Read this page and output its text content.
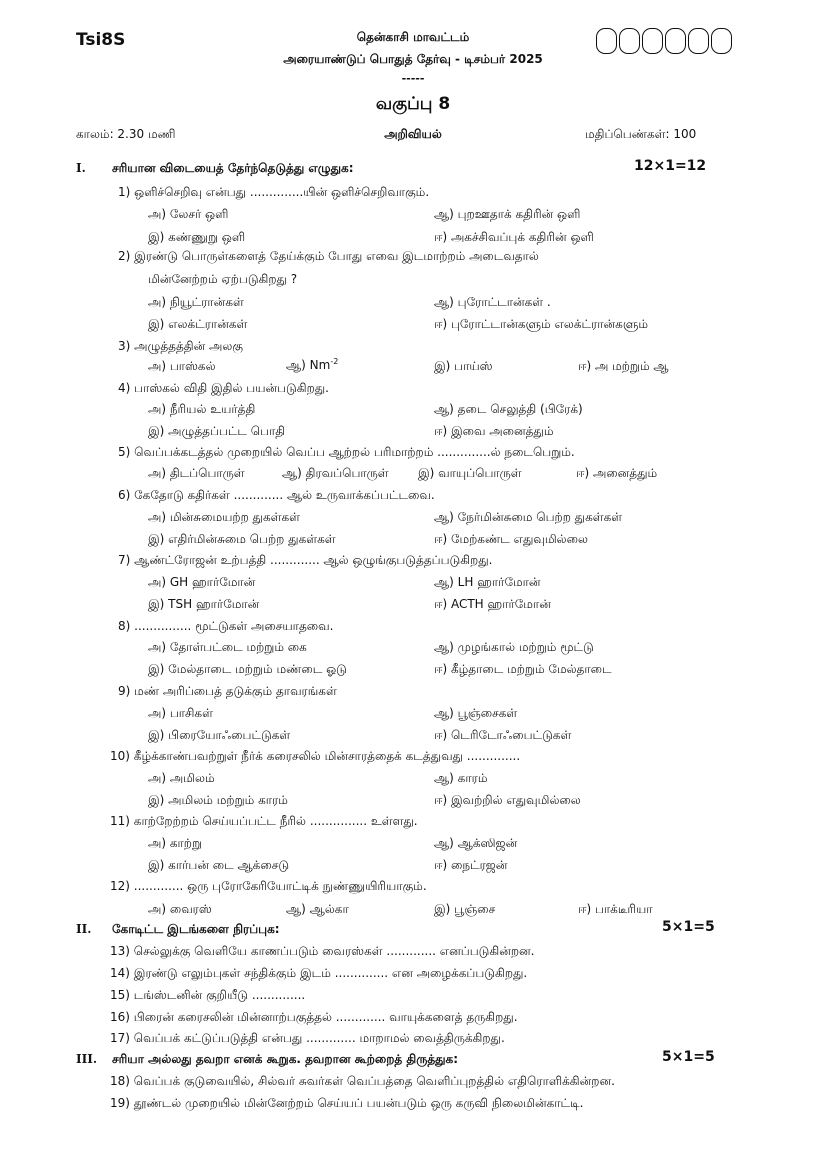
Tsi8S	தென்காசி மாவட்டம்
அரையாண்டுப் பொதுத் தேர்வு - டிசம்பர் 2025
-----
வகுப்பு 8
காலம்: 2.30 மணி	அறிவியல்	மதிப்பெண்கள்: 100
I. சரியான விடையைத் தேர்ந்தெடுத்து எழுதுக:	12×1=12
1) ஒளிச்செறிவு என்பது ..............யின் ஒளிச்செறிவாகும்.
அ) லேசர் ஒளி	ஆ) புறஊதாக் கதிரின் ஒளி
இ) கண்ணுறு ஒளி	ஈ) அகச்சிவப்புக் கதிரின் ஒளி
2) இரண்டு பொருள்களைத் தேய்க்கும் போது எவை இடமாற்றம் அடைவதால்
மின்னேற்றம் ஏற்படுகிறது ?
அ) நியூட்ரான்கள்	ஆ) புரோட்டான்கள் .
இ) எலக்ட்ரான்கள்	ஈ) புரோட்டான்களும் எலக்ட்ரான்களும்
3) அழுத்தத்தின் அலகு
அ) பாஸ்கல்	ஆ) $Nm^{-2}$	இ) பாய்ஸ்	ஈ) அ மற்றும் ஆ
4) பாஸ்கல் விதி இதில் பயன்படுகிறது.
அ) நீரியல் உயர்த்தி	ஆ) தடை செலுத்தி (பிரேக்)
இ) அழுத்தப்பட்ட பொதி	ஈ) இவை அனைத்தும்
5) வெப்பக்கடத்தல் முறையில் வெப்ப ஆற்றல் பரிமாற்றம் ..............ல் நடைபெறும்.
அ) திடப்பொருள்	ஆ) திரவப்பொருள் இ) வாயுப்பொருள்	ஈ) அனைத்தும்
6) கேதோடு கதிர்கள் ............. ஆல் உருவாக்கப்பட்டவை.
அ) மின்சுமையற்ற துகள்கள்	ஆ) நேர்மின்சுமை பெற்ற துகள்கள்
இ) எதிர்மின்சுமை பெற்ற துகள்கள்	ஈ) மேற்கண்ட எதுவுமில்லை
7) ஆண்ட்ரோஜன் உற்பத்தி ............. ஆல் ஒழுங்குபடுத்தப்படுகிறது.
அ) GH ஹார்மோன்	ஆ) LH ஹார்மோன்
இ) TSH ஹார்மோன்	ஈ) ACTH ஹார்மோன்
8) ............... மூட்டுகள் அசையாதவை.
அ) தோள்பட்டை மற்றும் கை	ஆ) முழங்கால் மற்றும் மூட்டு
இ) மேல்தாடை மற்றும் மண்டை ஓடு	ஈ) கீழ்தாடை மற்றும் மேல்தாடை
9) மண் அரிப்பைத் தடுக்கும் தாவரங்கள்
அ) பாசிகள்	ஆ) பூஞ்சைகள்
இ) பிரையோஃபைட்டுகள்	ஈ) டெரிடோஃபைட்டுகள்
10) கீழ்க்காண்பவற்றுள் நீர்க் கரைசலில் மின்சாரத்தைக் கடத்துவது ..............
அ) அமிலம்	ஆ) காரம்
இ) அமிலம் மற்றும் காரம்	ஈ) இவற்றில் எதுவுமில்லை
11) காற்றேற்றம் செய்யப்பட்ட நீரில் ............... உள்ளது.
அ) காற்று	ஆ) ஆக்ஸிஜன்
இ) கார்பன் டை ஆக்சைடு	ஈ) நைட்ரஜன்
12) ............. ஒரு புரோகேரியோட்டிக் நுண்ணுயிரியாகும்.
அ) வைரஸ்	ஆ) ஆல்கா	இ) பூஞ்சை	ஈ) பாக்டீரியா
II. கோடிட்ட இடங்களை நிரப்புக:	5×1=5
13) செல்லுக்கு வெளியே காணப்படும் வைரஸ்கள் ............. எனப்படுகின்றன.
14) இரண்டு எலும்புகள் சந்திக்கும் இடம் .............. என அழைக்கப்படுகிறது.
15) டங்ஸ்டனின் குறியீடு ..............
16) பிரைன் கரைசலின் மின்னாற்பகுத்தல் ............. வாயுக்களைத் தருகிறது.
17) வெப்பக் கட்டுப்படுத்தி என்பது ............. மாறாமல் வைத்திருக்கிறது.
III. சரியா அல்லது தவறா எனக் கூறுக. தவறான கூற்றைத் திருத்துக:	5×1=5
18) வெப்பக் குடுவையில், சில்வர் சுவர்கள் வெப்பத்தை வெளிப்புறத்தில் எதிரொளிக்கின்றன.
19) தூண்டல் முறையில் மின்னேற்றம் செய்யப் பயன்படும் ஒரு கருவி நிலைமின்காட்டி.
